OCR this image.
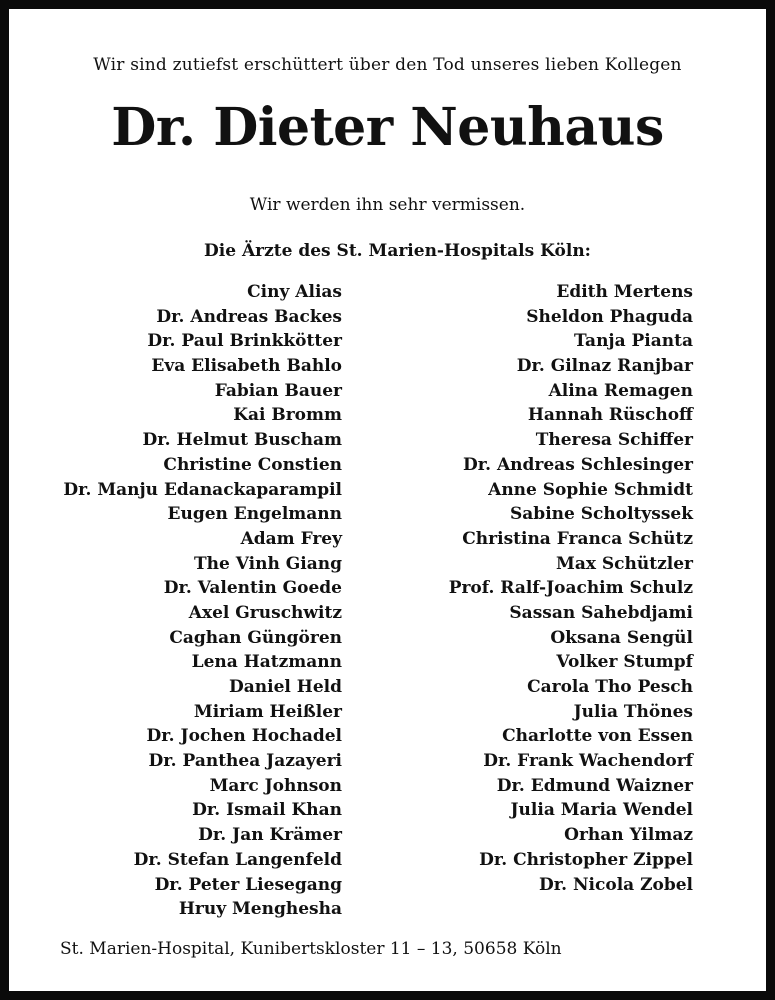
Wir sind zutiefst erschüttert über den Tod unseres lieben Kollegen
Dr. Dieter Neuhaus
Wir werden ihn sehr vermissen.
Die Ärzte des St. Marien-Hospitals Köln:
Ciny Alias
Dr. Andreas Backes
Dr. Paul Brinkkötter
Eva Elisabeth Bahlo
Fabian Bauer
Kai Bromm
Dr. Helmut Buscham
Christine Constien
Dr. Manju Edanackaparampil
Eugen Engelmann
Adam Frey
The Vinh Giang
Dr. Valentin Goede
Axel Gruschwitz
Caghan Güngören
Lena Hatzmann
Daniel Held
Miriam Heißler
Dr. Jochen Hochadel
Dr. Panthea Jazayeri
Marc Johnson
Dr. Ismail Khan
Dr. Jan Krämer
Dr. Stefan Langenfeld
Dr. Peter Liesegang
Hruy Menghesha
Edith Mertens
Sheldon Phaguda
Tanja Pianta
Dr. Gilnaz Ranjbar
Alina Remagen
Hannah Rüschoff
Theresa Schiffer
Dr. Andreas Schlesinger
Anne Sophie Schmidt
Sabine Scholtyssek
Christina Franca Schütz
Max Schützler
Prof. Ralf-Joachim Schulz
Sassan Sahebdjami
Oksana Sengül
Volker Stumpf
Carola Tho Pesch
Julia Thönes
Charlotte von Essen
Dr. Frank Wachendorf
Dr. Edmund Waizner
Julia Maria Wendel
Orhan Yilmaz
Dr. Christopher Zippel
Dr. Nicola Zobel
St. Marien-Hospital, Kunibertskloster 11 – 13, 50658 Köln
